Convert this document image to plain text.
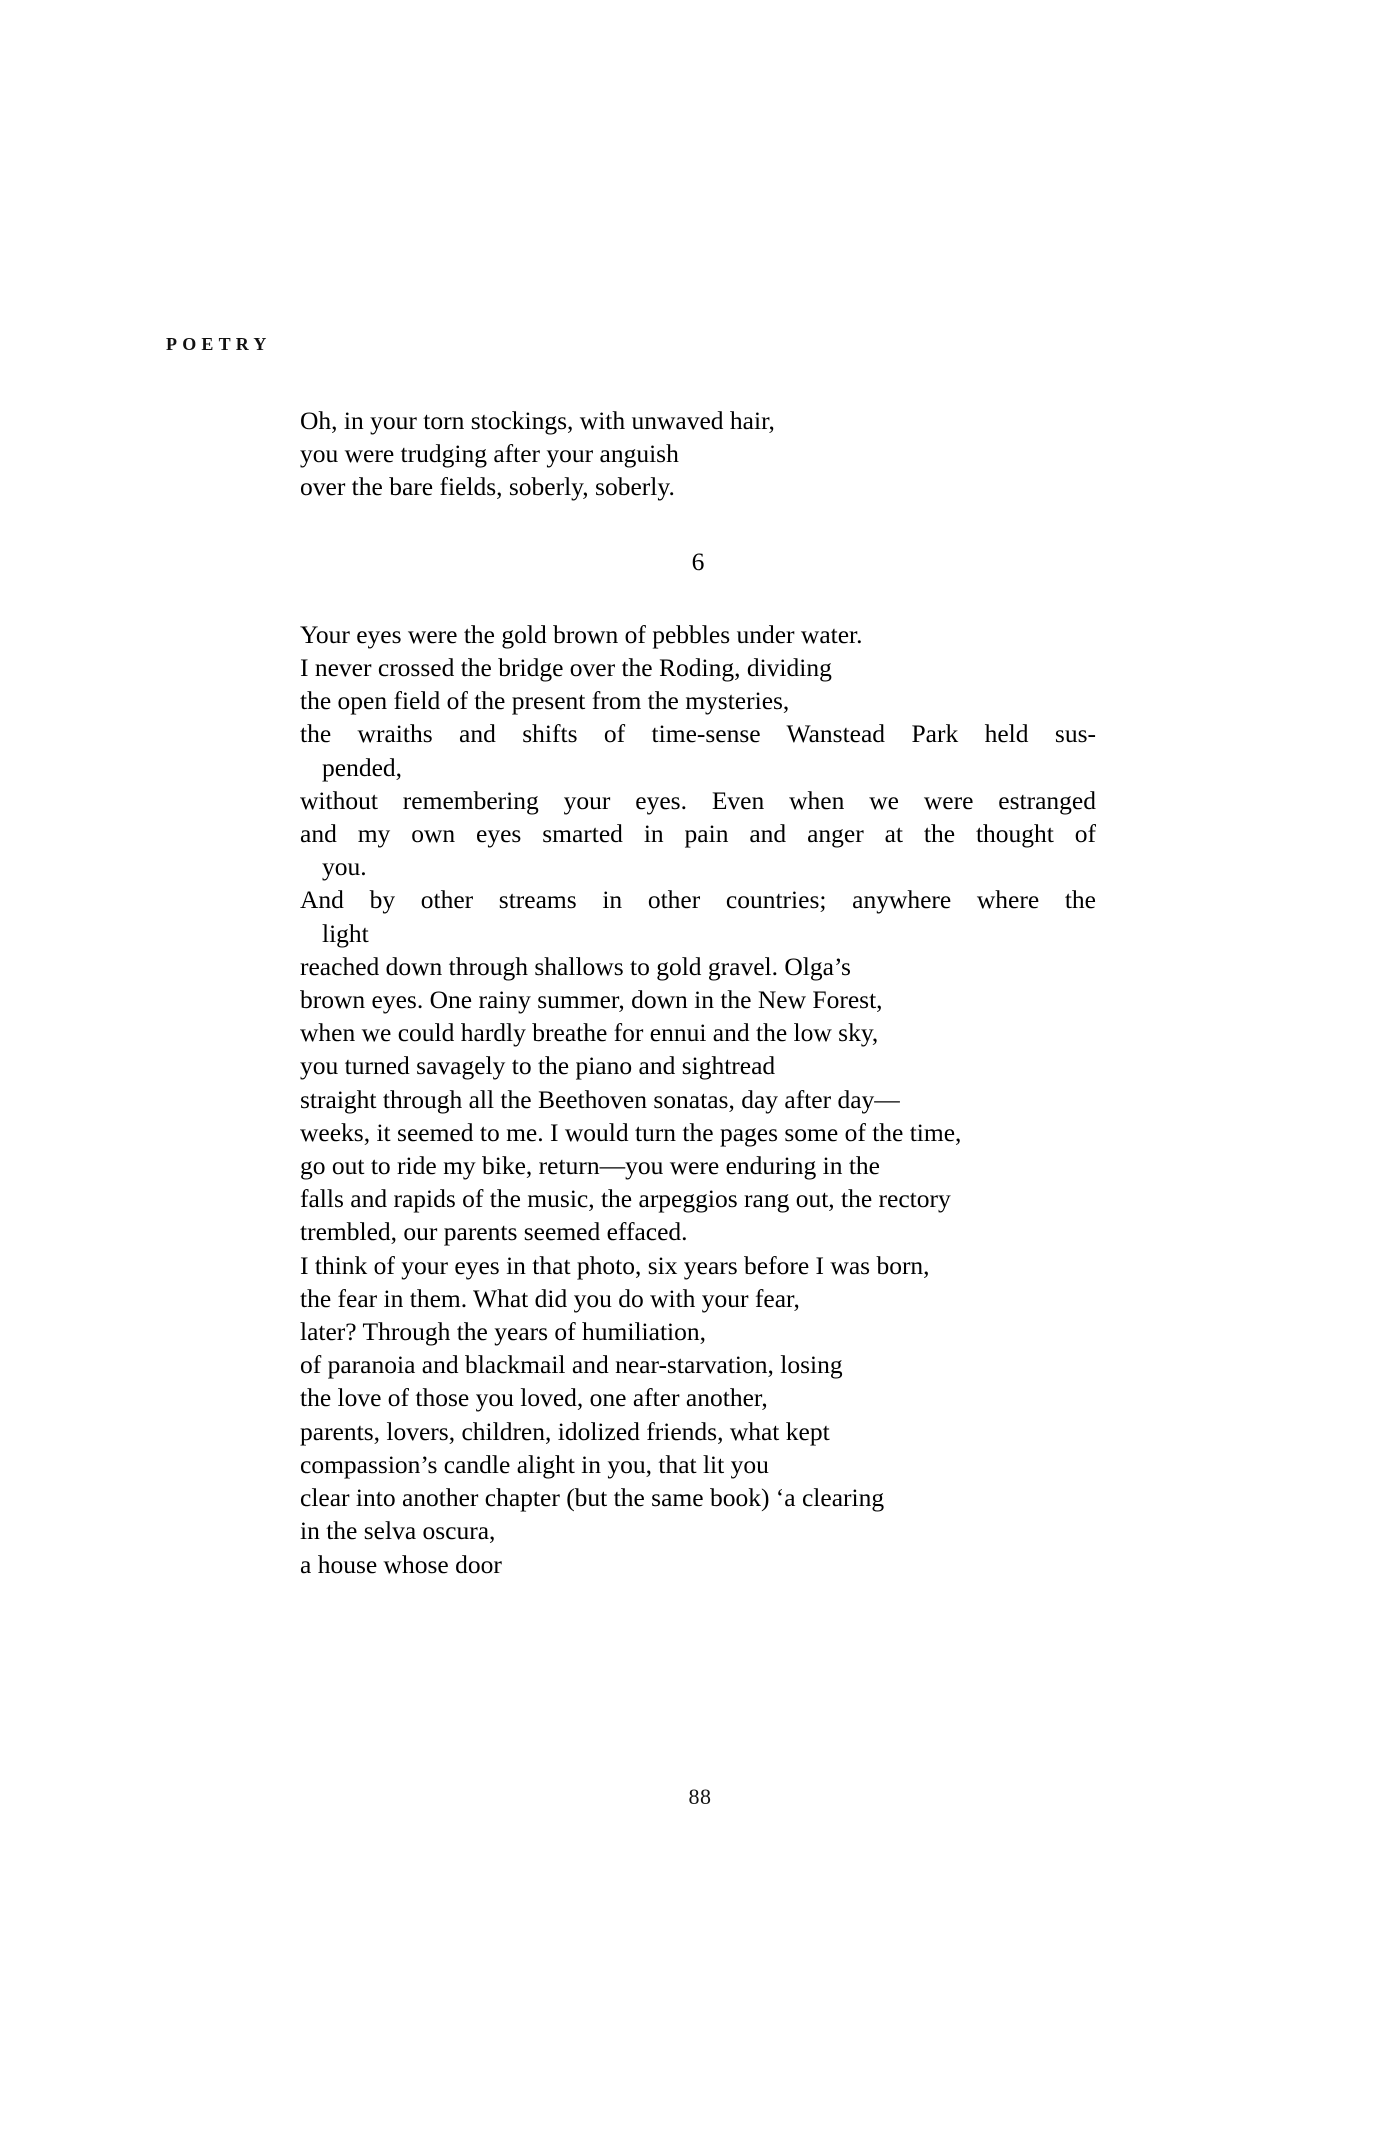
POETRY
Oh, in your torn stockings, with unwaved hair,
you were trudging after your anguish
over the bare fields, soberly, soberly.
6
Your eyes were the gold brown of pebbles under water.
I never crossed the bridge over the Roding, dividing
the open field of the present from the mysteries,
the wraiths and shifts of time-sense Wanstead Park held sus-
pended,
without remembering your eyes. Even when we were estranged
and my own eyes smarted in pain and anger at the thought of
you.
And by other streams in other countries; anywhere where the
light
reached down through shallows to gold gravel. Olga’s
brown eyes. One rainy summer, down in the New Forest,
when we could hardly breathe for ennui and the low sky,
you turned savagely to the piano and sightread
straight through all the Beethoven sonatas, day after day—
weeks, it seemed to me. I would turn the pages some of the time,
go out to ride my bike, return—you were enduring in the
falls and rapids of the music, the arpeggios rang out, the rectory
trembled, our parents seemed effaced.
I think of your eyes in that photo, six years before I was born,
the fear in them. What did you do with your fear,
later? Through the years of humiliation,
of paranoia and blackmail and near-starvation, losing
the love of those you loved, one after another,
parents, lovers, children, idolized friends, what kept
compassion’s candle alight in you, that lit you
clear into another chapter (but the same book) ‘a clearing
in the selva oscura,
a house whose door
88
